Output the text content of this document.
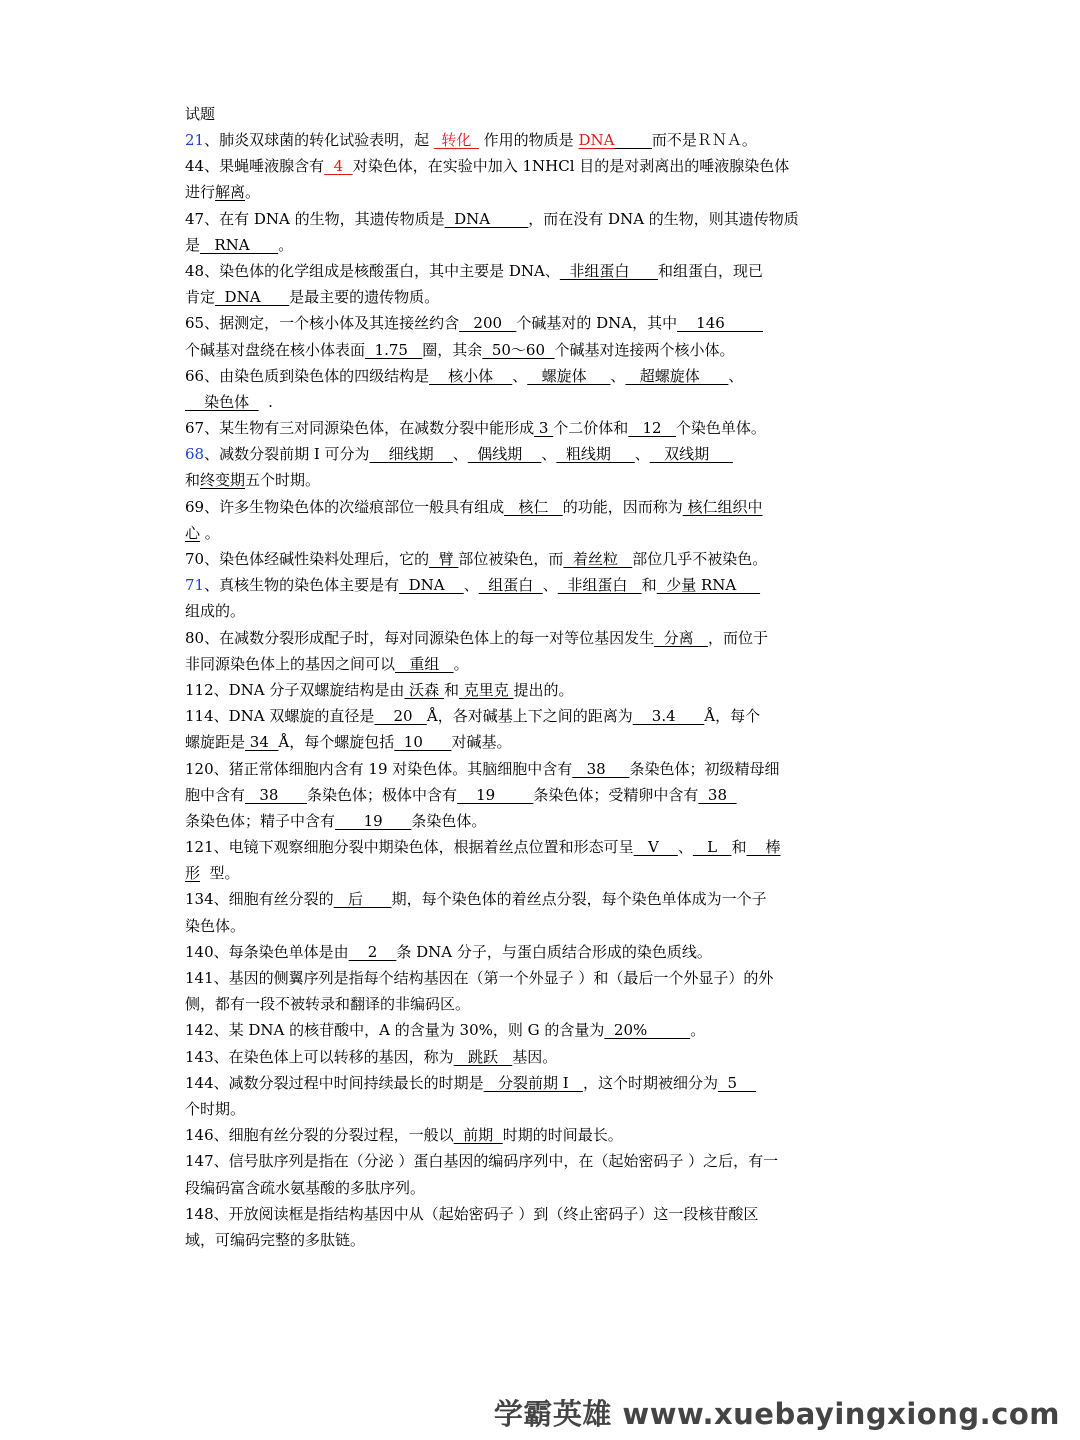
试题
21、肺炎双球菌的转化试验表明，起 _转化_ 作用的物质是 DNA_____而不是ＲＮＡ。
44、果蝇唾液腺含有  4  对染色体，在实验中加入 1NHCl 目的是对剥离出的唾液腺染色体
进行解离。
47、在有 DNA 的生物，其遗传物质是  DNA        ，而在没有 DNA 的生物，则其遗传物质
是   RNA      。
48、染色体的化学组成是核酸蛋白，其中主要是 DNA、  非组蛋白      和组蛋白，现已
肯定  DNA      是最主要的遗传物质。
65、据测定，一个核小体及其连接丝约含   200   个碱基对的 DNA，其中    146
个碱基对盘绕在核小体表面  1.75   圈，其余  50～60  个碱基对连接两个核小体。
66、由染色质到染色体的四级结构是    核小体    、   螺旋体     、   超螺旋体      、
染色体    .
67、某生物有三对同源染色体，在减数分裂中能形成 3 个二价体和   12   个染色单体。
68、减数分裂前期 I 可分为    细线期    、  偶线期    、  粗线期     、   双线期
和终变期五个时期。
69、许多生物染色体的次缢痕部位一般具有组成   核仁   的功能，因而称为 核仁组织中
心 。
70、染色体经碱性染料处理后，它的  臂 部位被染色，而  着丝粒   部位几乎不被染色。
71、真核生物的染色体主要是有  DNA    、  组蛋白  、  非组蛋白   和  少量 RNA
组成的。
80、在减数分裂形成配子时，每对同源染色体上的每一对等位基因发生  分离   ，而位于
非同源染色体上的基因之间可以   重组   。
112、DNA 分子双螺旋结构是由 沃森 和 克里克 提出的。
114、DNA 双螺旋的直径是    20   Å，各对碱基上下之间的距离为    3.4      Å，每个
螺旋距是 34  Å，每个螺旋包括  10      对碱基。
120、猪正常体细胞内含有 19 对染色体。其脑细胞中含有   38     条染色体；初级精母细
胞中含有   38      条染色体；极体中含有    19        条染色体；受精卵中含有  38
条染色体；精子中含有      19      条染色体。
121、电镜下观察细胞分裂中期染色体，根据着丝点位置和形态可呈   V    、   L   和    棒
形  型。
134、细胞有丝分裂的   后      期，每个染色体的着丝点分裂，每个染色单体成为一个子
染色体。
140、每条染色单体是由    2    条 DNA 分子，与蛋白质结合形成的染色质线。
141、基因的侧翼序列是指每个结构基因在（第一个外显子 ）和（最后一个外显子）的外
侧，都有一段不被转录和翻译的非编码区。
142、某 DNA 的核苷酸中，A 的含量为 30%，则 G 的含量为  20%         。
143、在染色体上可以转移的基因，称为   跳跃   基因。
144、减数分裂过程中时间持续最长的时期是   分裂前期 I   ，这个时期被细分为  5
个时期。
146、细胞有丝分裂的分裂过程，一般以  前期  时期的时间最长。
147、信号肽序列是指在（分泌 ）蛋白基因的编码序列中，在（起始密码子 ）之后，有一
段编码富含疏水氨基酸的多肽序列。
148、开放阅读框是指结构基因中从（起始密码子 ）到（终止密码子）这一段核苷酸区
域，可编码完整的多肽链。
学霸英雄 www.xuebayingxiong.com
